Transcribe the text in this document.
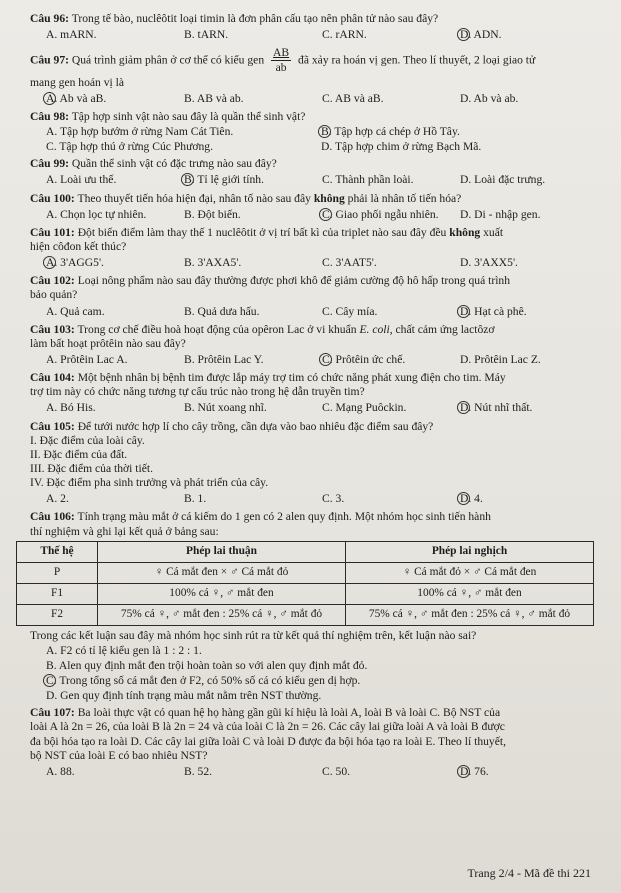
Câu 96: Trong tế bào, nuclêôtit loại timin là đơn phân cấu tạo nên phân tử nào sau đây?
A. mARN.	B. tARN.	C. rARN.	D. ADN.
Câu 97: Quá trình giảm phân ở cơ thể có kiểu gen $\frac{AB}{ab}$ đã xảy ra hoán vị gen. Theo lí thuyết, 2 loại giao tử
mang gen hoán vị là
A. Ab và aB.	B. AB và ab.	C. AB và aB.	D. Ab và ab.
Câu 98: Tập hợp sinh vật nào sau đây là quần thể sinh vật?
A. Tập hợp bướm ở rừng Nam Cát Tiên.	B. Tập hợp cá chép ở Hồ Tây.
C. Tập hợp thú ở rừng Cúc Phương.	D. Tập hợp chim ở rừng Bạch Mã.
Câu 99: Quần thể sinh vật có đặc trưng nào sau đây?
A. Loài ưu thế.	B. Tỉ lệ giới tính.	C. Thành phần loài.	D. Loài đặc trưng.
Câu 100: Theo thuyết tiến hóa hiện đại, nhân tố nào sau đây không phải là nhân tố tiến hóa?
A. Chọn lọc tự nhiên.	B. Đột biến.	C. Giao phối ngẫu nhiên.	D. Di - nhập gen.
Câu 101: Đột biến điểm làm thay thế 1 nuclêôtit ở vị trí bất kì của triplet nào sau đây đều không xuất
hiện côđon kết thúc?
A. 3'AGG5'.	B. 3'AXA5'.	C. 3'AAT5'.	D. 3'AXX5'.
Câu 102: Loại nông phẩm nào sau đây thường được phơi khô để giảm cường độ hô hấp trong quá trình
bảo quản?
A. Quả cam.	B. Quả dưa hấu.	C. Cây mía.	D. Hạt cà phê.
Câu 103: Trong cơ chế điều hoà hoạt động của opêron Lac ở vi khuẩn E. coli, chất cảm ứng lactôzơ
làm bất hoạt prôtêin nào sau đây?
A. Prôtêin Lac A.	B. Prôtêin Lac Y.	C. Prôtêin ức chế.	D. Prôtêin Lac Z.
Câu 104: Một bệnh nhân bị bệnh tim được lắp máy trợ tim có chức năng phát xung điện cho tim. Máy
trợ tim này có chức năng tương tự cấu trúc nào trong hệ dẫn truyền tim?
A. Bó His.	B. Nút xoang nhĩ.	C. Mạng Puôckin.	D. Nút nhĩ thất.
Câu 105: Để tưới nước hợp lí cho cây trồng, cần dựa vào bao nhiêu đặc điểm sau đây?
I. Đặc điểm của loài cây.
II. Đặc điểm của đất.
III. Đặc điểm của thời tiết.
IV. Đặc điểm pha sinh trưởng và phát triển của cây.
A. 2.	B. 1.	C. 3.	D. 4.
Câu 106: Tính trạng màu mắt ở cá kiếm do 1 gen có 2 alen quy định. Một nhóm học sinh tiến hành
thí nghiệm và ghi lại kết quả ở bảng sau:
Thế hệ	Phép lai thuận	Phép lai nghịch
P	♀ Cá mắt đen × ♂ Cá mắt đỏ	♀ Cá mắt đỏ × ♂ Cá mắt đen
F1	100% cá ♀, ♂ mắt đen	100% cá ♀, ♂ mắt đen
F2	75% cá ♀, ♂ mắt đen : 25% cá ♀, ♂ mắt đỏ	75% cá ♀, ♂ mắt đen : 25% cá ♀, ♂ mắt đỏ
Trong các kết luận sau đây mà nhóm học sinh rút ra từ kết quả thí nghiệm trên, kết luận nào sai?
A. F2 có tỉ lệ kiểu gen là 1 : 2 : 1.
B. Alen quy định mắt đen trội hoàn toàn so với alen quy định mắt đỏ.
C. Trong tổng số cá mắt đen ở F2, có 50% số cá có kiểu gen dị hợp.
D. Gen quy định tính trạng màu mắt nằm trên NST thường.
Câu 107: Ba loài thực vật có quan hệ họ hàng gần gũi kí hiệu là loài A, loài B và loài C. Bộ NST của
loài A là 2n = 26, của loài B là 2n = 24 và của loài C là 2n = 26. Các cây lai giữa loài A và loài B được
đa bội hóa tạo ra loài D. Các cây lai giữa loài C và loài D được đa bội hóa tạo ra loài E. Theo lí thuyết,
bộ NST của loài E có bao nhiêu NST?
A. 88.	B. 52.	C. 50.	D. 76.
Trang 2/4 - Mã đề thi 221
